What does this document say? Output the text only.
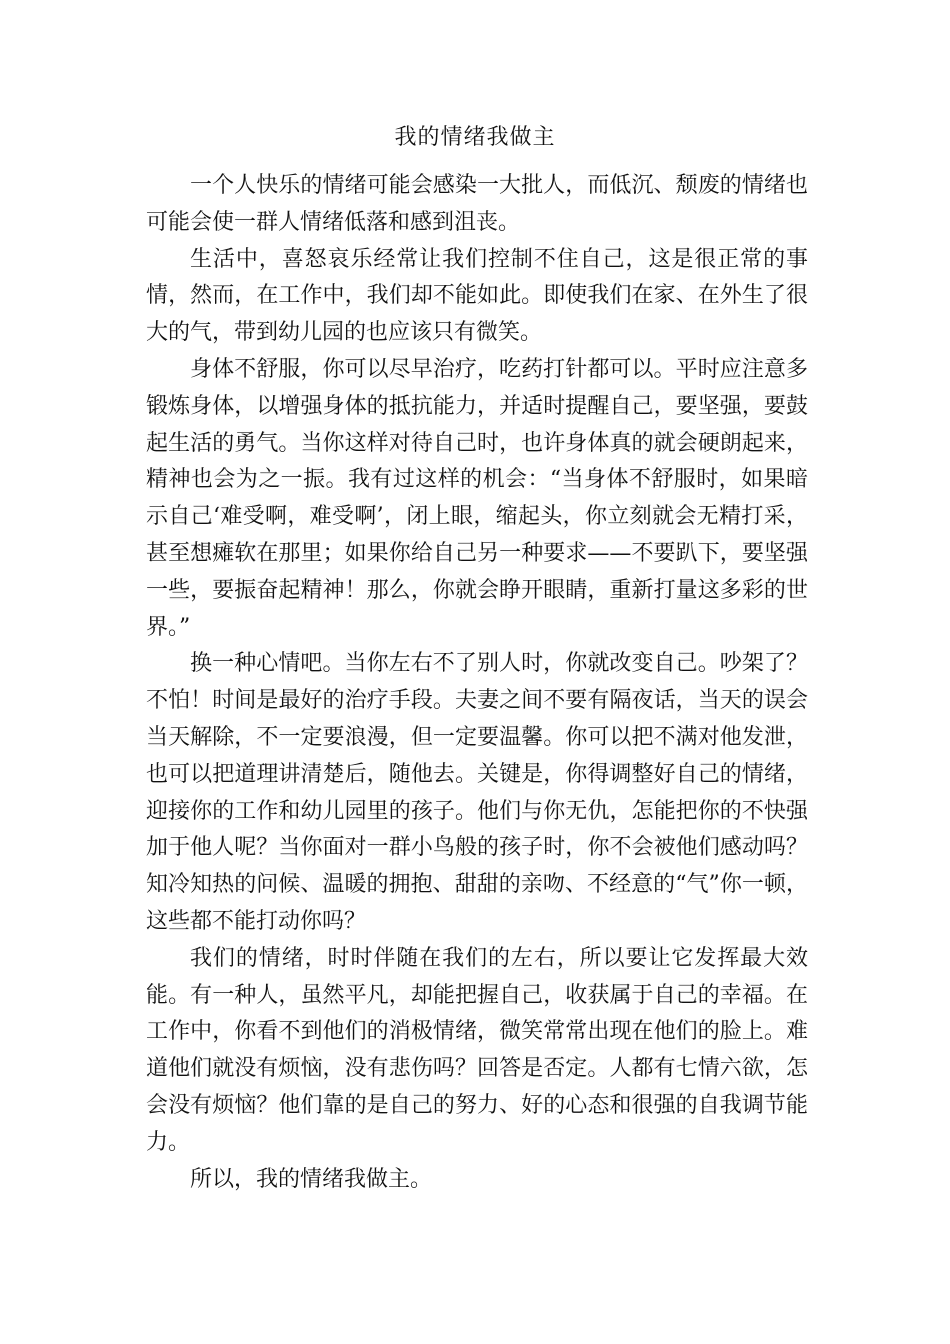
我的情绪我做主

一个人快乐的情绪可能会感染一大批人，而低沉、颓废的情绪也可能会使一群人情绪低落和感到沮丧。

生活中，喜怒哀乐经常让我们控制不住自己，这是很正常的事情，然而，在工作中，我们却不能如此。即使我们在家、在外生了很大的气，带到幼儿园的也应该只有微笑。

身体不舒服，你可以尽早治疗，吃药打针都可以。平时应注意多锻炼身体，以增强身体的抵抗能力，并适时提醒自己，要坚强，要鼓起生活的勇气。当你这样对待自己时，也许身体真的就会硬朗起来，精神也会为之一振。我有过这样的机会：“当身体不舒服时，如果暗示自己‘难受啊，难受啊’，闭上眼，缩起头，你立刻就会无精打采，甚至想瘫软在那里；如果你给自己另一种要求——不要趴下，要坚强一些，要振奋起精神！那么，你就会睁开眼睛，重新打量这多彩的世界。”

换一种心情吧。当你左右不了别人时，你就改变自己。吵架了？不怕！时间是最好的治疗手段。夫妻之间不要有隔夜话，当天的误会当天解除，不一定要浪漫，但一定要温馨。你可以把不满对他发泄，也可以把道理讲清楚后，随他去。关键是，你得调整好自己的情绪，迎接你的工作和幼儿园里的孩子。他们与你无仇，怎能把你的不快强加于他人呢？当你面对一群小鸟般的孩子时，你不会被他们感动吗？知冷知热的问候、温暖的拥抱、甜甜的亲吻、不经意的“气”你一顿，这些都不能打动你吗？

我们的情绪，时时伴随在我们的左右，所以要让它发挥最大效能。有一种人，虽然平凡，却能把握自己，收获属于自己的幸福。在工作中，你看不到他们的消极情绪，微笑常常出现在他们的脸上。难道他们就没有烦恼，没有悲伤吗？回答是否定。人都有七情六欲，怎会没有烦恼？他们靠的是自己的努力、好的心态和很强的自我调节能力。

所以，我的情绪我做主。
